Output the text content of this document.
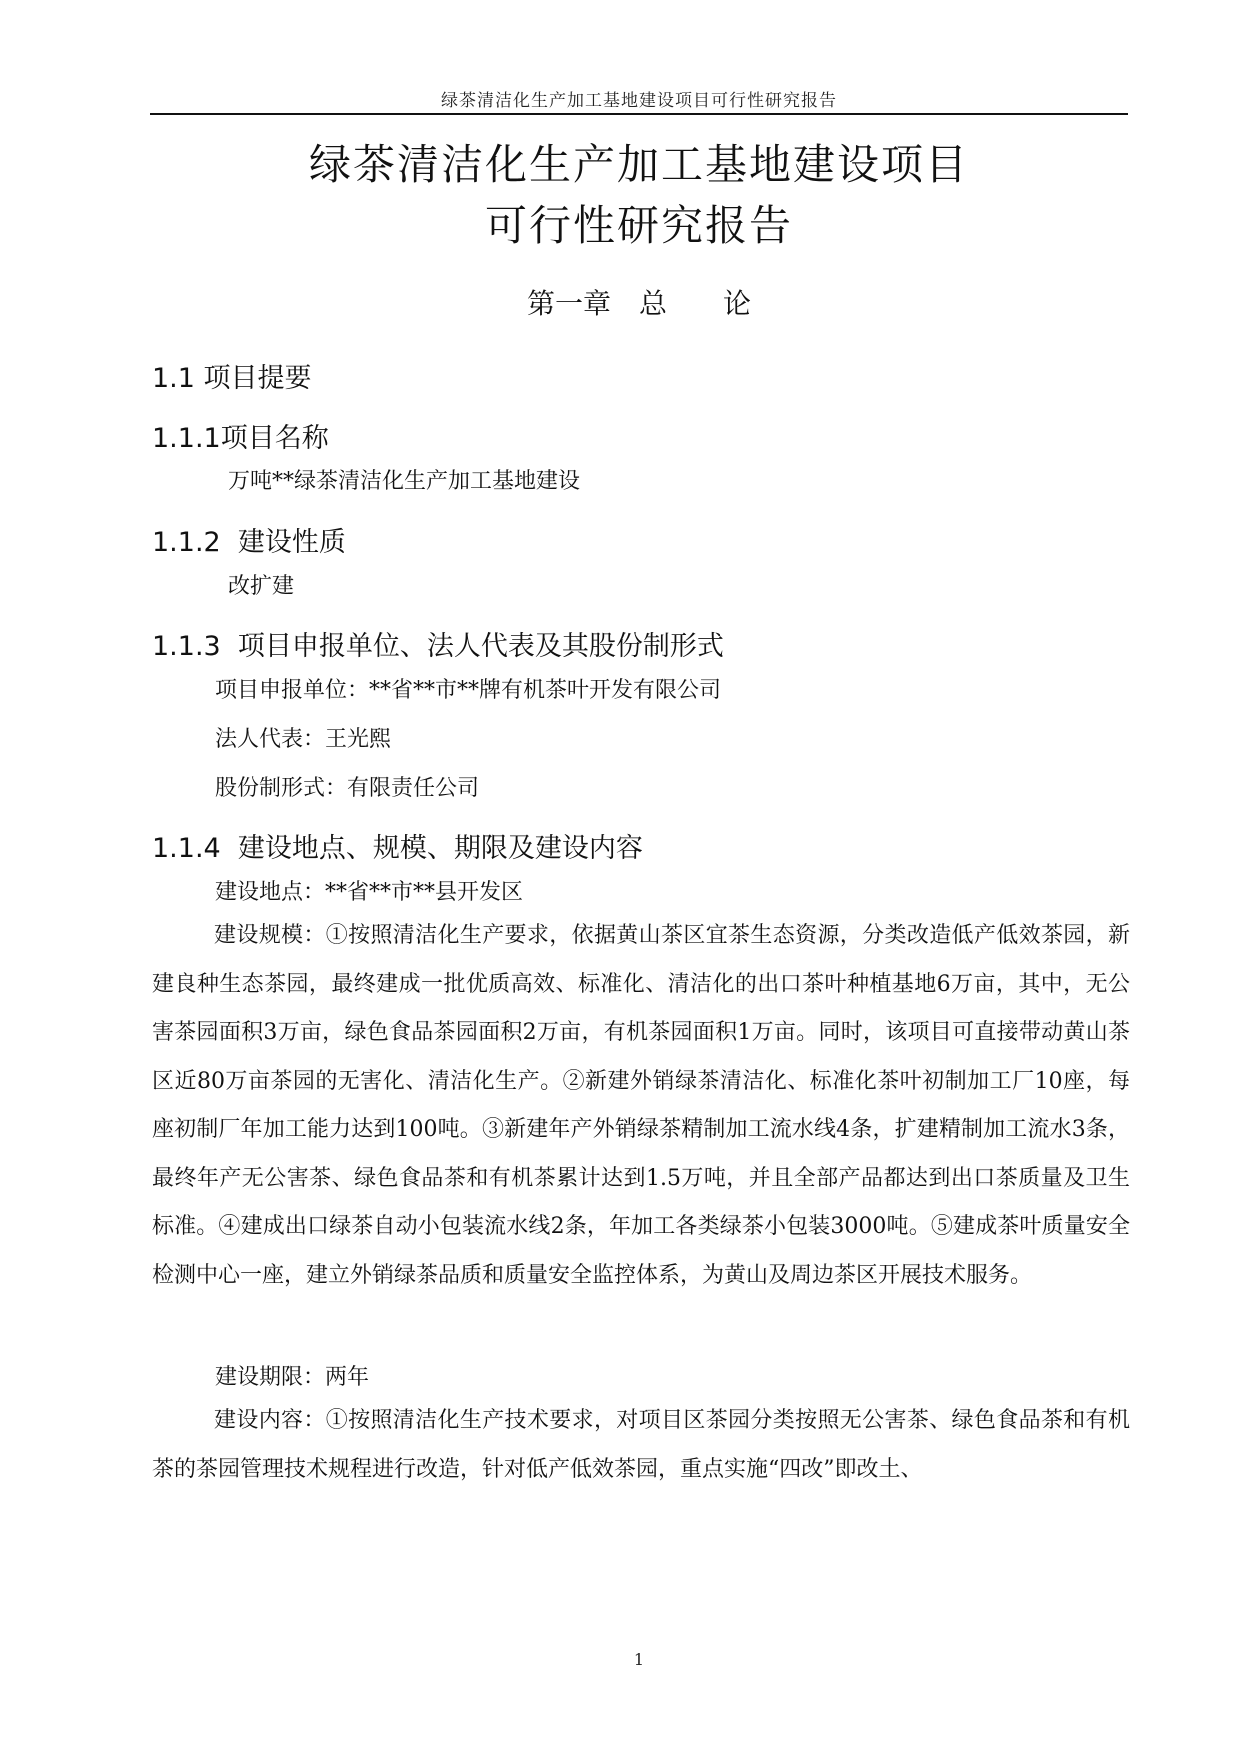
绿茶清洁化生产加工基地建设项目可行性研究报告
绿茶清洁化生产加工基地建设项目
可行性研究报告
第一章　总　　论
1.1 项目提要
1.1.1项目名称
万吨**绿茶清洁化生产加工基地建设
1.1.2  建设性质
改扩建
1.1.3  项目申报单位、法人代表及其股份制形式
项目申报单位：**省**市**牌有机茶叶开发有限公司
法人代表：王光熙
股份制形式：有限责任公司
1.1.4  建设地点、规模、期限及建设内容
建设地点：**省**市**县开发区
建设规模：①按照清洁化生产要求，依据黄山茶区宜茶生态资源，分类改造低产低效茶园，新建良种生态茶园，最终建成一批优质高效、标准化、清洁化的出口茶叶种植基地6万亩，其中，无公害茶园面积3万亩，绿色食品茶园面积2万亩，有机茶园面积1万亩。同时，该项目可直接带动黄山茶区近80万亩茶园的无害化、清洁化生产。②新建外销绿茶清洁化、标准化茶叶初制加工厂10座，每座初制厂年加工能力达到100吨。③新建年产外销绿茶精制加工流水线4条，扩建精制加工流水3条，最终年产无公害茶、绿色食品茶和有机茶累计达到1.5万吨，并且全部产品都达到出口茶质量及卫生标准。④建成出口绿茶自动小包装流水线2条，年加工各类绿茶小包装3000吨。⑤建成茶叶质量安全检测中心一座，建立外销绿茶品质和质量安全监控体系，为黄山及周边茶区开展技术服务。
建设期限：两年
建设内容：①按照清洁化生产技术要求，对项目区茶园分类按照无公害茶、绿色食品茶和有机茶的茶园管理技术规程进行改造，针对低产低效茶园，重点实施“四改”即改土、
1
